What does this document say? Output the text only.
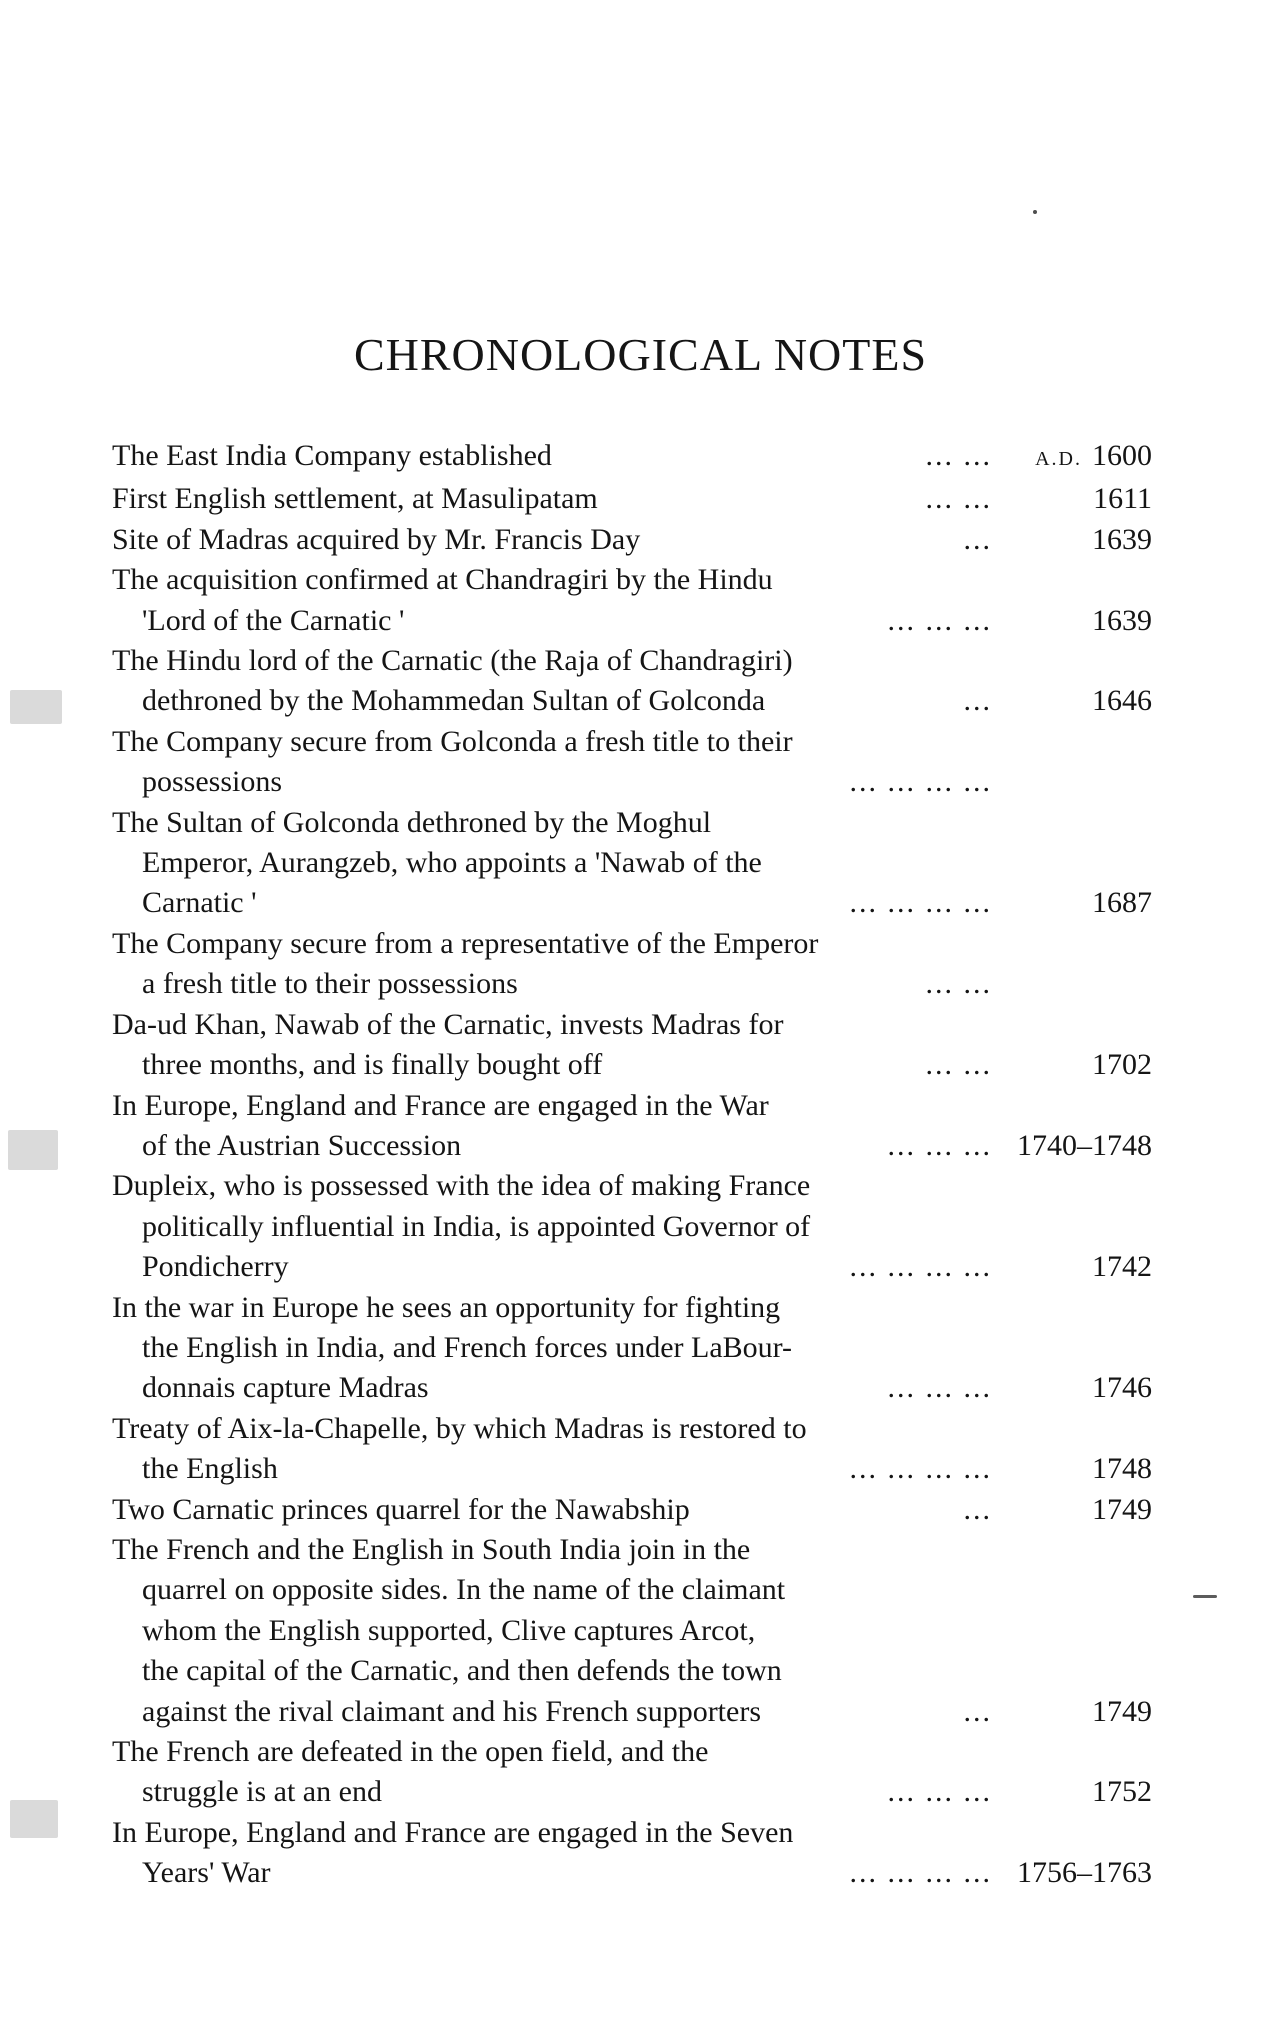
CHRONOLOGICAL NOTES
The East India Company established	... ...	A.D. 1600
First English settlement, at Masulipatam	... ...	1611
Site of Madras acquired by Mr. Francis Day	...	1639
The acquisition confirmed at Chandragiri by the Hindu
'Lord of the Carnatic '	... ... ...	1639
The Hindu lord of the Carnatic (the Raja of Chandragiri)
dethroned by the Mohammedan Sultan of Golconda	...	1646
The Company secure from Golconda a fresh title to their
possessions	... ... ... ...
The Sultan of Golconda dethroned by the Moghul
Emperor, Aurangzeb, who appoints a 'Nawab of the
Carnatic '	... ... ... ...	1687
The Company secure from a representative of the Emperor
a fresh title to their possessions	... ...
Da-ud Khan, Nawab of the Carnatic, invests Madras for
three months, and is finally bought off	... ...	1702
In Europe, England and France are engaged in the War
of the Austrian Succession	... ... ... 1740–1748
Dupleix, who is possessed with the idea of making France
politically influential in India, is appointed Governor of
Pondicherry	... ... ... ...	1742
In the war in Europe he sees an opportunity for fighting
the English in India, and French forces under LaBour-
donnais capture Madras	... ... ...	1746
Treaty of Aix-la-Chapelle, by which Madras is restored to
the English	... ... ... ...	1748
Two Carnatic princes quarrel for the Nawabship	...	1749
The French and the English in South India join in the
quarrel on opposite sides. In the name of the claimant
whom the English supported, Clive captures Arcot,
the capital of the Carnatic, and then defends the town
against the rival claimant and his French supporters	...	1749
The French are defeated in the open field, and the
struggle is at an end	... ... ...	1752
In Europe, England and France are engaged in the Seven
Years' War	... ... ... ... 1756–1763
